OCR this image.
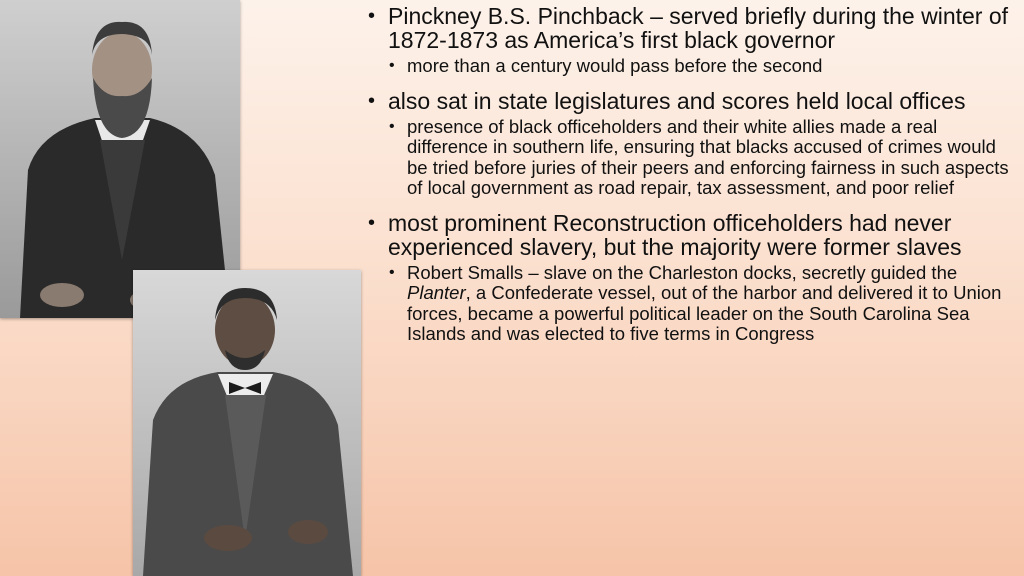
• Pinckney B.S. Pinchback – served briefly during the winter of 1872-1873 as America’s first black governor
• more than a century would pass before the second
• also sat in state legislatures and scores held local offices
• presence of black officeholders and their white allies made a real difference in southern life, ensuring that blacks accused of crimes would be tried before juries of their peers and enforcing fairness in such aspects of local government as road repair, tax assessment, and poor relief
• most prominent Reconstruction officeholders had never experienced slavery, but the majority were former slaves
• Robert Smalls – slave on the Charleston docks, secretly guided the Planter, a Confederate vessel, out of the harbor and delivered it to Union forces, became a powerful political leader on the South Carolina Sea Islands and was elected to five terms in Congress
